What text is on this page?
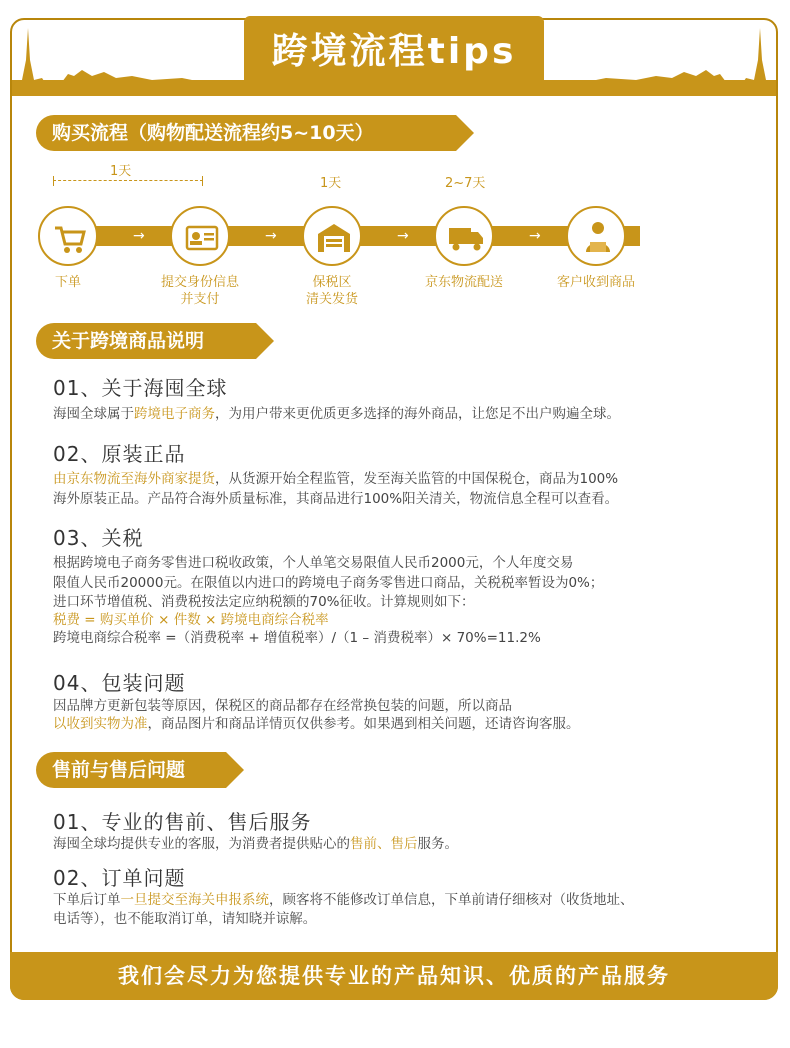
跨境流程tips
购买流程（购物配送流程约5~10天）
1天
1天	2~7天
→	→	→	→
下单	提交身份信息
并支付
保税区
清关发货
京东物流配送	客户收到商品
关于跨境商品说明
01、关于海囤全球
海囤全球属于跨境电子商务，为用户带来更优质更多选择的海外商品，让您足不出户购遍全球。
02、原装正品
由京东物流至海外商家提货，从货源开始全程监管，发至海关监管的中国保税仓，商品为100%
海外原装正品。产品符合海外质量标准，其商品进行100%阳关清关，物流信息全程可以查看。
03、关税
根据跨境电子商务零售进口税收政策，个人单笔交易限值人民币2000元，个人年度交易
限值人民币20000元。在限值以内进口的跨境电子商务零售进口商品，关税税率暂设为0%；
进口环节增值税、消费税按法定应纳税额的70%征收。计算规则如下：
税费 = 购买单价 × 件数 × 跨境电商综合税率
跨境电商综合税率 =（消费税率 + 增值税率）/（1 – 消费税率）× 70%=11.2%
04、包装问题
因品牌方更新包装等原因，保税区的商品都存在经常换包装的问题，所以商品
以收到实物为准，商品图片和商品详情页仅供参考。如果遇到相关问题，还请咨询客服。
售前与售后问题
01、专业的售前、售后服务
海囤全球均提供专业的客服，为消费者提供贴心的售前、售后服务。
02、订单问题
下单后订单一旦提交至海关申报系统，顾客将不能修改订单信息，下单前请仔细核对（收货地址、
电话等），也不能取消订单，请知晓并谅解。
我们会尽力为您提供专业的产品知识、优质的产品服务
